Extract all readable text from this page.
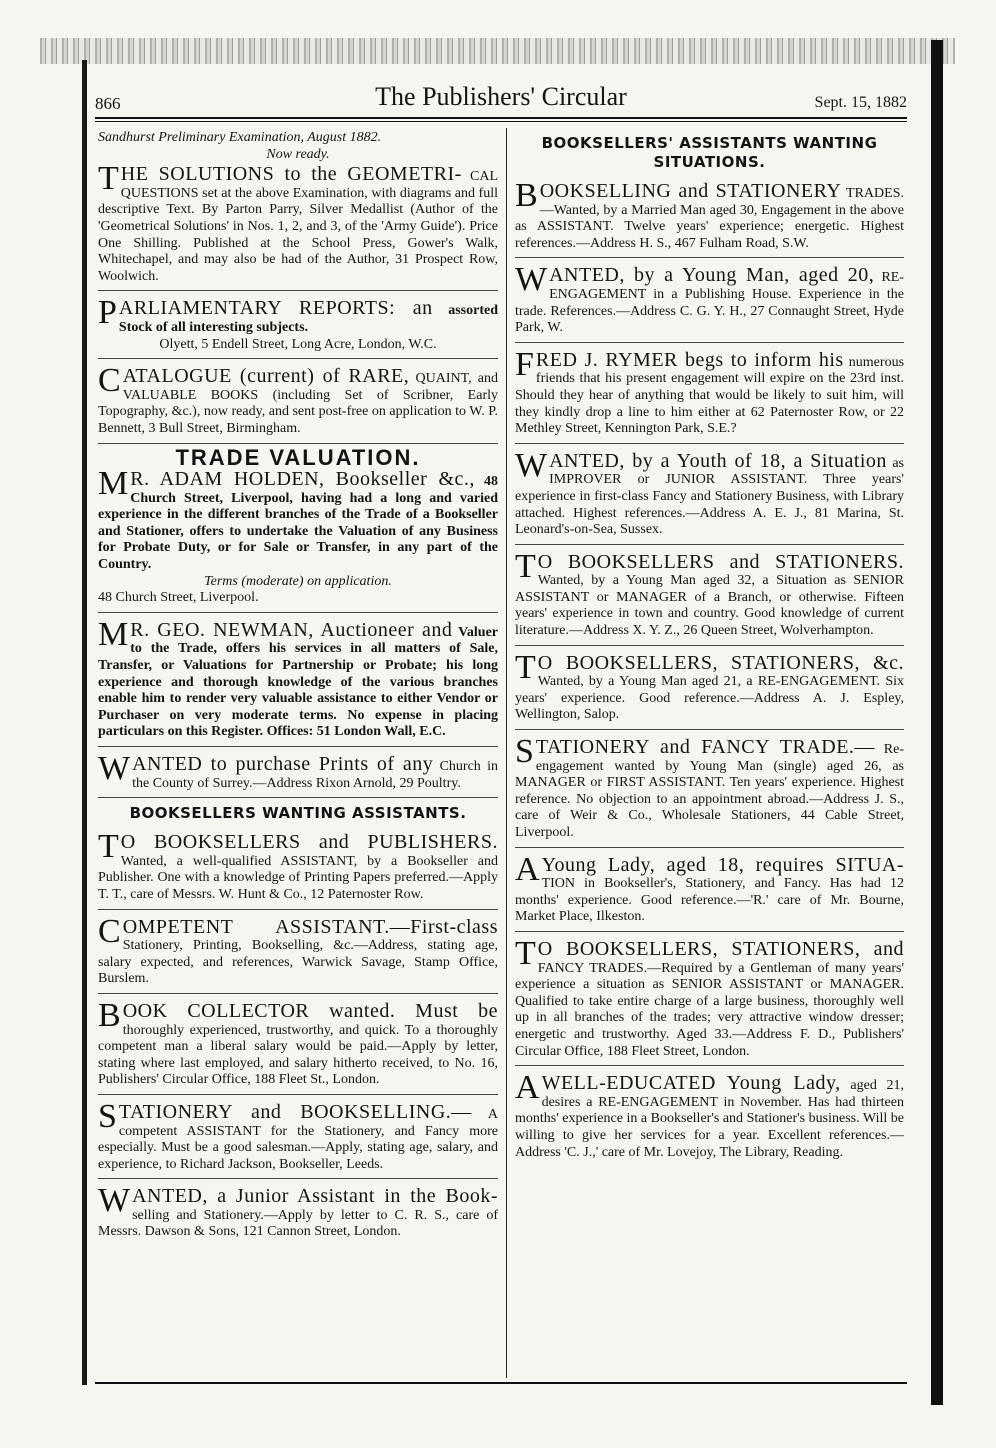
866	The Publishers' Circular	Sept. 15, 1882

Sandhurst Preliminary Examination, August 1882.

Now ready.

THE SOLUTIONS to the GEOMETRI- CAL QUESTIONS set at the above Examination, with diagrams and full descriptive Text. By Parton Parry, Silver Medallist (Author of the 'Geometrical Solutions' in Nos. 1, 2, and 3, of the 'Army Guide'). Price One Shilling. Published at the School Press, Gower's Walk, Whitechapel, and may also be had of the Author, 31 Prospect Row, Woolwich.

PARLIAMENTARY REPORTS: an assorted Stock of all interesting subjects.

Olyett, 5 Endell Street, Long Acre, London, W.C.

CATALOGUE (current) of RARE, QUAINT, and VALUABLE BOOKS (including Set of Scribner, Early Topography, &c.), now ready, and sent post-free on application to W. P. Bennett, 3 Bull Street, Birmingham.

TRADE VALUATION.

M R. ADAM HOLDEN, Bookseller &c., 48 Church Street, Liverpool, having had a long and varied experience in the different branches of the Trade of a Bookseller and Stationer, offers to undertake the Valuation of any Business for Probate Duty, or for Sale or Transfer, in any part of the Country.

Terms (moderate) on application.

48 Church Street, Liverpool.

M R. GEO. NEWMAN, Auctioneer and Valuer to the Trade, offers his services in all matters of Sale, Transfer, or Valuations for Partnership or Probate; his long experience and thorough knowledge of the various branches enable him to render very valuable assistance to either Vendor or Purchaser on very moderate terms. No expense in placing particulars on this Register. Offices: 51 London Wall, E.C.

WANTED to purchase Prints of any Church in the County of Surrey.—Address Rixon Arnold, 29 Poultry.

BOOKSELLERS WANTING ASSISTANTS.

T O BOOKSELLERS and PUBLISHERS. Wanted, a well-qualified ASSISTANT, by a Bookseller and Publisher. One with a knowledge of Printing Papers preferred.—Apply T. T., care of Messrs. W. Hunt & Co., 12 Paternoster Row.

COMPETENT ASSISTANT.—First-class Stationery, Printing, Bookselling, &c.—Address, stating age, salary expected, and references, Warwick Savage, Stamp Office, Burslem.

BOOK COLLECTOR wanted. Must be thoroughly experienced, trustworthy, and quick. To a thoroughly competent man a liberal salary would be paid.—Apply by letter, stating where last employed, and salary hitherto received, to No. 16, Publishers' Circular Office, 188 Fleet St., London.

STATIONERY and BOOKSELLING.— A competent ASSISTANT for the Stationery, and Fancy more especially. Must be a good salesman.—Apply, stating age, salary, and experience, to Richard Jackson, Bookseller, Leeds.

WANTED, a Junior Assistant in the Book- selling and Stationery.—Apply by letter to C. R. S., care of Messrs. Dawson & Sons, 121 Cannon Street, London.

BOOKSELLERS' ASSISTANTS WANTING SITUATIONS.

BOOKSELLING and STATIONERY TRADES.—Wanted, by a Married Man aged 30, Engagement in the above as ASSISTANT. Twelve years' experience; energetic. Highest references.—Address H. S., 467 Fulham Road, S.W.

WANTED, by a Young Man, aged 20, RE-ENGAGEMENT in a Publishing House. Experience in the trade. References.—Address C. G. Y. H., 27 Connaught Street, Hyde Park, W.

FRED J. RYMER begs to inform his numerous friends that his present engagement will expire on the 23rd inst. Should they hear of anything that would be likely to suit him, will they kindly drop a line to him either at 62 Paternoster Row, or 22 Methley Street, Kennington Park, S.E.?

WANTED, by a Youth of 18, a Situation as IMPROVER or JUNIOR ASSISTANT. Three years' experience in first-class Fancy and Stationery Business, with Library attached. Highest references.—Address A. E. J., 81 Marina, St. Leonard's-on-Sea, Sussex.

T O BOOKSELLERS and STATIONERS. Wanted, by a Young Man aged 32, a Situation as SENIOR ASSISTANT or MANAGER of a Branch, or otherwise. Fifteen years' experience in town and country. Good knowledge of current literature.—Address X. Y. Z., 26 Queen Street, Wolverhampton.

T O BOOKSELLERS, STATIONERS, &c. Wanted, by a Young Man aged 21, a RE-ENGAGEMENT. Six years' experience. Good reference.—Address A. J. Espley, Wellington, Salop.

STATIONERY and FANCY TRADE.— Re-engagement wanted by Young Man (single) aged 26, as MANAGER or FIRST ASSISTANT. Ten years' experience. Highest reference. No objection to an appointment abroad.—Address J. S., care of Weir & Co., Wholesale Stationers, 44 Cable Street, Liverpool.

A Young Lady, aged 18, requires SITUA- TION in Bookseller's, Stationery, and Fancy. Has had 12 months' experience. Good reference.—'R.' care of Mr. Bourne, Market Place, Ilkeston.

T O BOOKSELLERS, STATIONERS, and FANCY TRADES.—Required by a Gentleman of many years' experience a situation as SENIOR ASSISTANT or MANAGER. Qualified to take entire charge of a large business, thoroughly well up in all branches of the trades; very attractive window dresser; energetic and trustworthy. Aged 33.—Address F. D., Publishers' Circular Office, 188 Fleet Street, London.

A WELL-EDUCATED Young Lady, aged 21, desires a RE-ENGAGEMENT in November. Has had thirteen months' experience in a Bookseller's and Stationer's business. Will be willing to give her services for a year. Excellent references.—Address 'C. J.,' care of Mr. Lovejoy, The Library, Reading.
